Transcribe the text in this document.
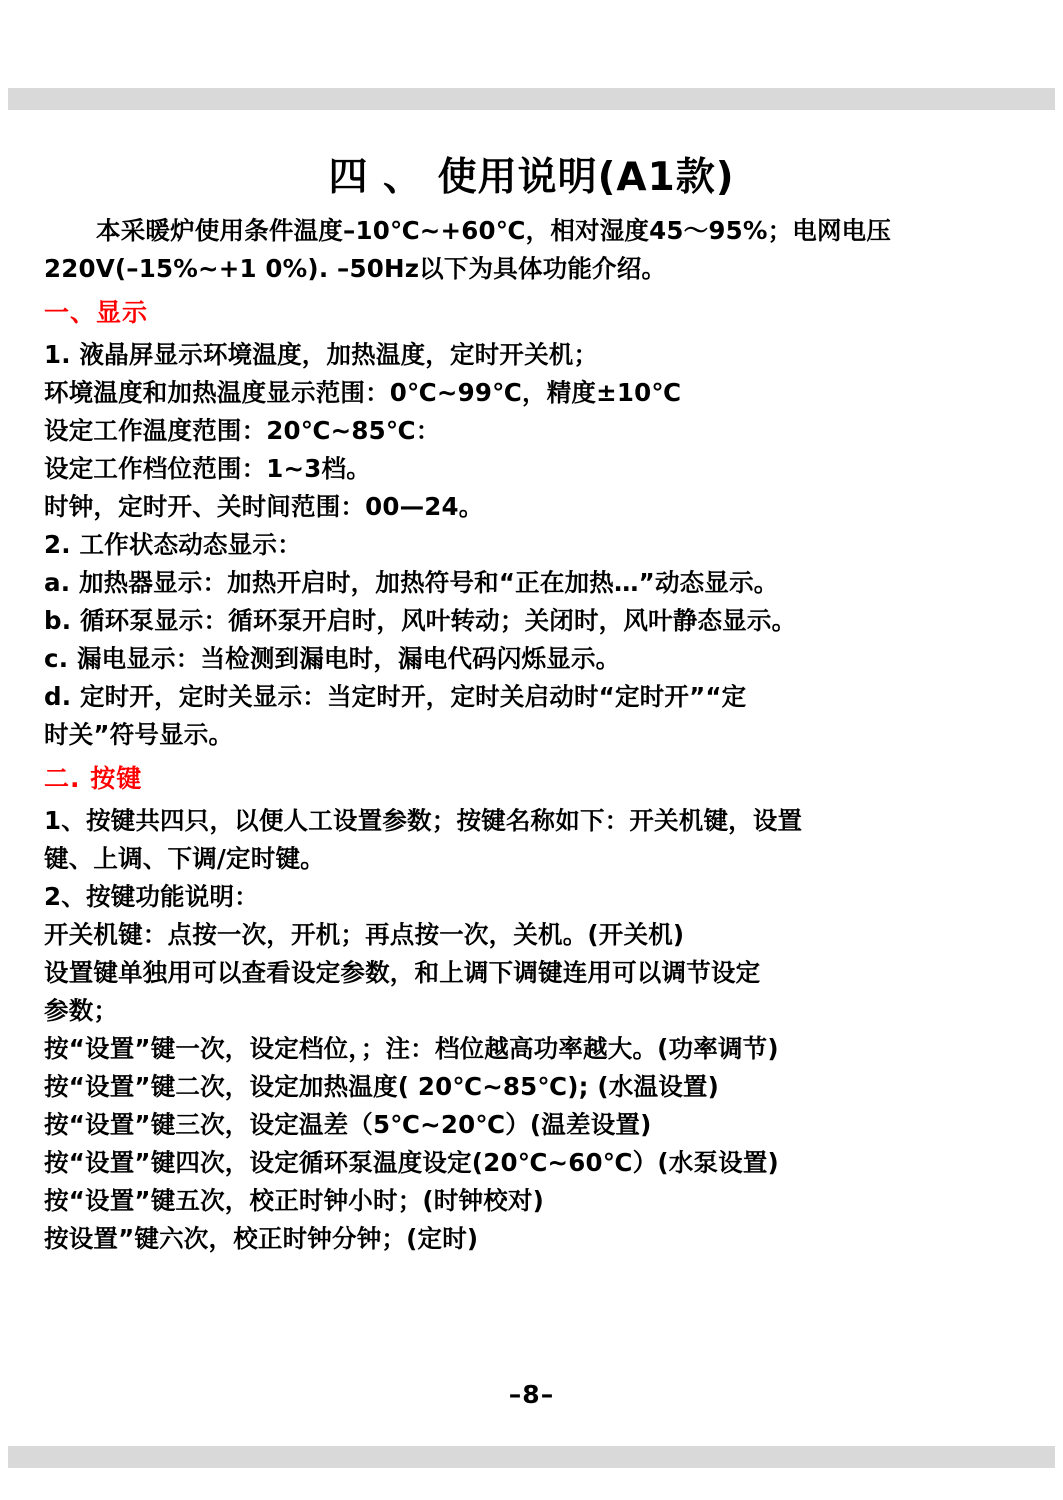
四 、 使用说明(A1款)

本采暖炉使用条件温度–10℃~+60℃，相对湿度45～95%；电网电压
220V(–15%~+1 0%). –50Hz以下为具体功能介绍。

一、显示

1. 液晶屏显示环境温度，加热温度，定时开关机；

环境温度和加热温度显示范围：0℃~99℃，精度±10℃

设定工作温度范围：20℃~85℃：

设定工作档位范围：1~3档。

时钟，定时开、关时间范围：00—24。

2. 工作状态动态显示：

a. 加热器显示：加热开启时，加热符号和“正在加热…”动态显示。

b. 循环泵显示：循环泵开启时，风叶转动；关闭时，风叶静态显示。

c. 漏电显示：当检测到漏电时，漏电代码闪烁显示。

d. 定时开，定时关显示：当定时开，定时关启动时“定时开”“定

时关”符号显示。

二. 按键

1、按键共四只，以便人工设置参数；按键名称如下：开关机键，设置

键、上调、下调/定时键。

2、按键功能说明：

开关机键：点按一次，开机；再点按一次，关机。(开关机)

设置键单独用可以查看设定参数，和上调下调键连用可以调节设定

参数；

按“设置”键一次，设定档位，；注：档位越高功率越大。(功率调节)

按“设置”键二次，设定加热温度( 20℃~85℃); (水温设置)

按“设置”键三次，设定温差（5℃~20℃）(温差设置)

按“设置”键四次，设定循环泵温度设定(20℃~60℃）(水泵设置)

按“设置”键五次，校正时钟小时；(时钟校对)

按设置”键六次，校正时钟分钟；(定时)

–8–
